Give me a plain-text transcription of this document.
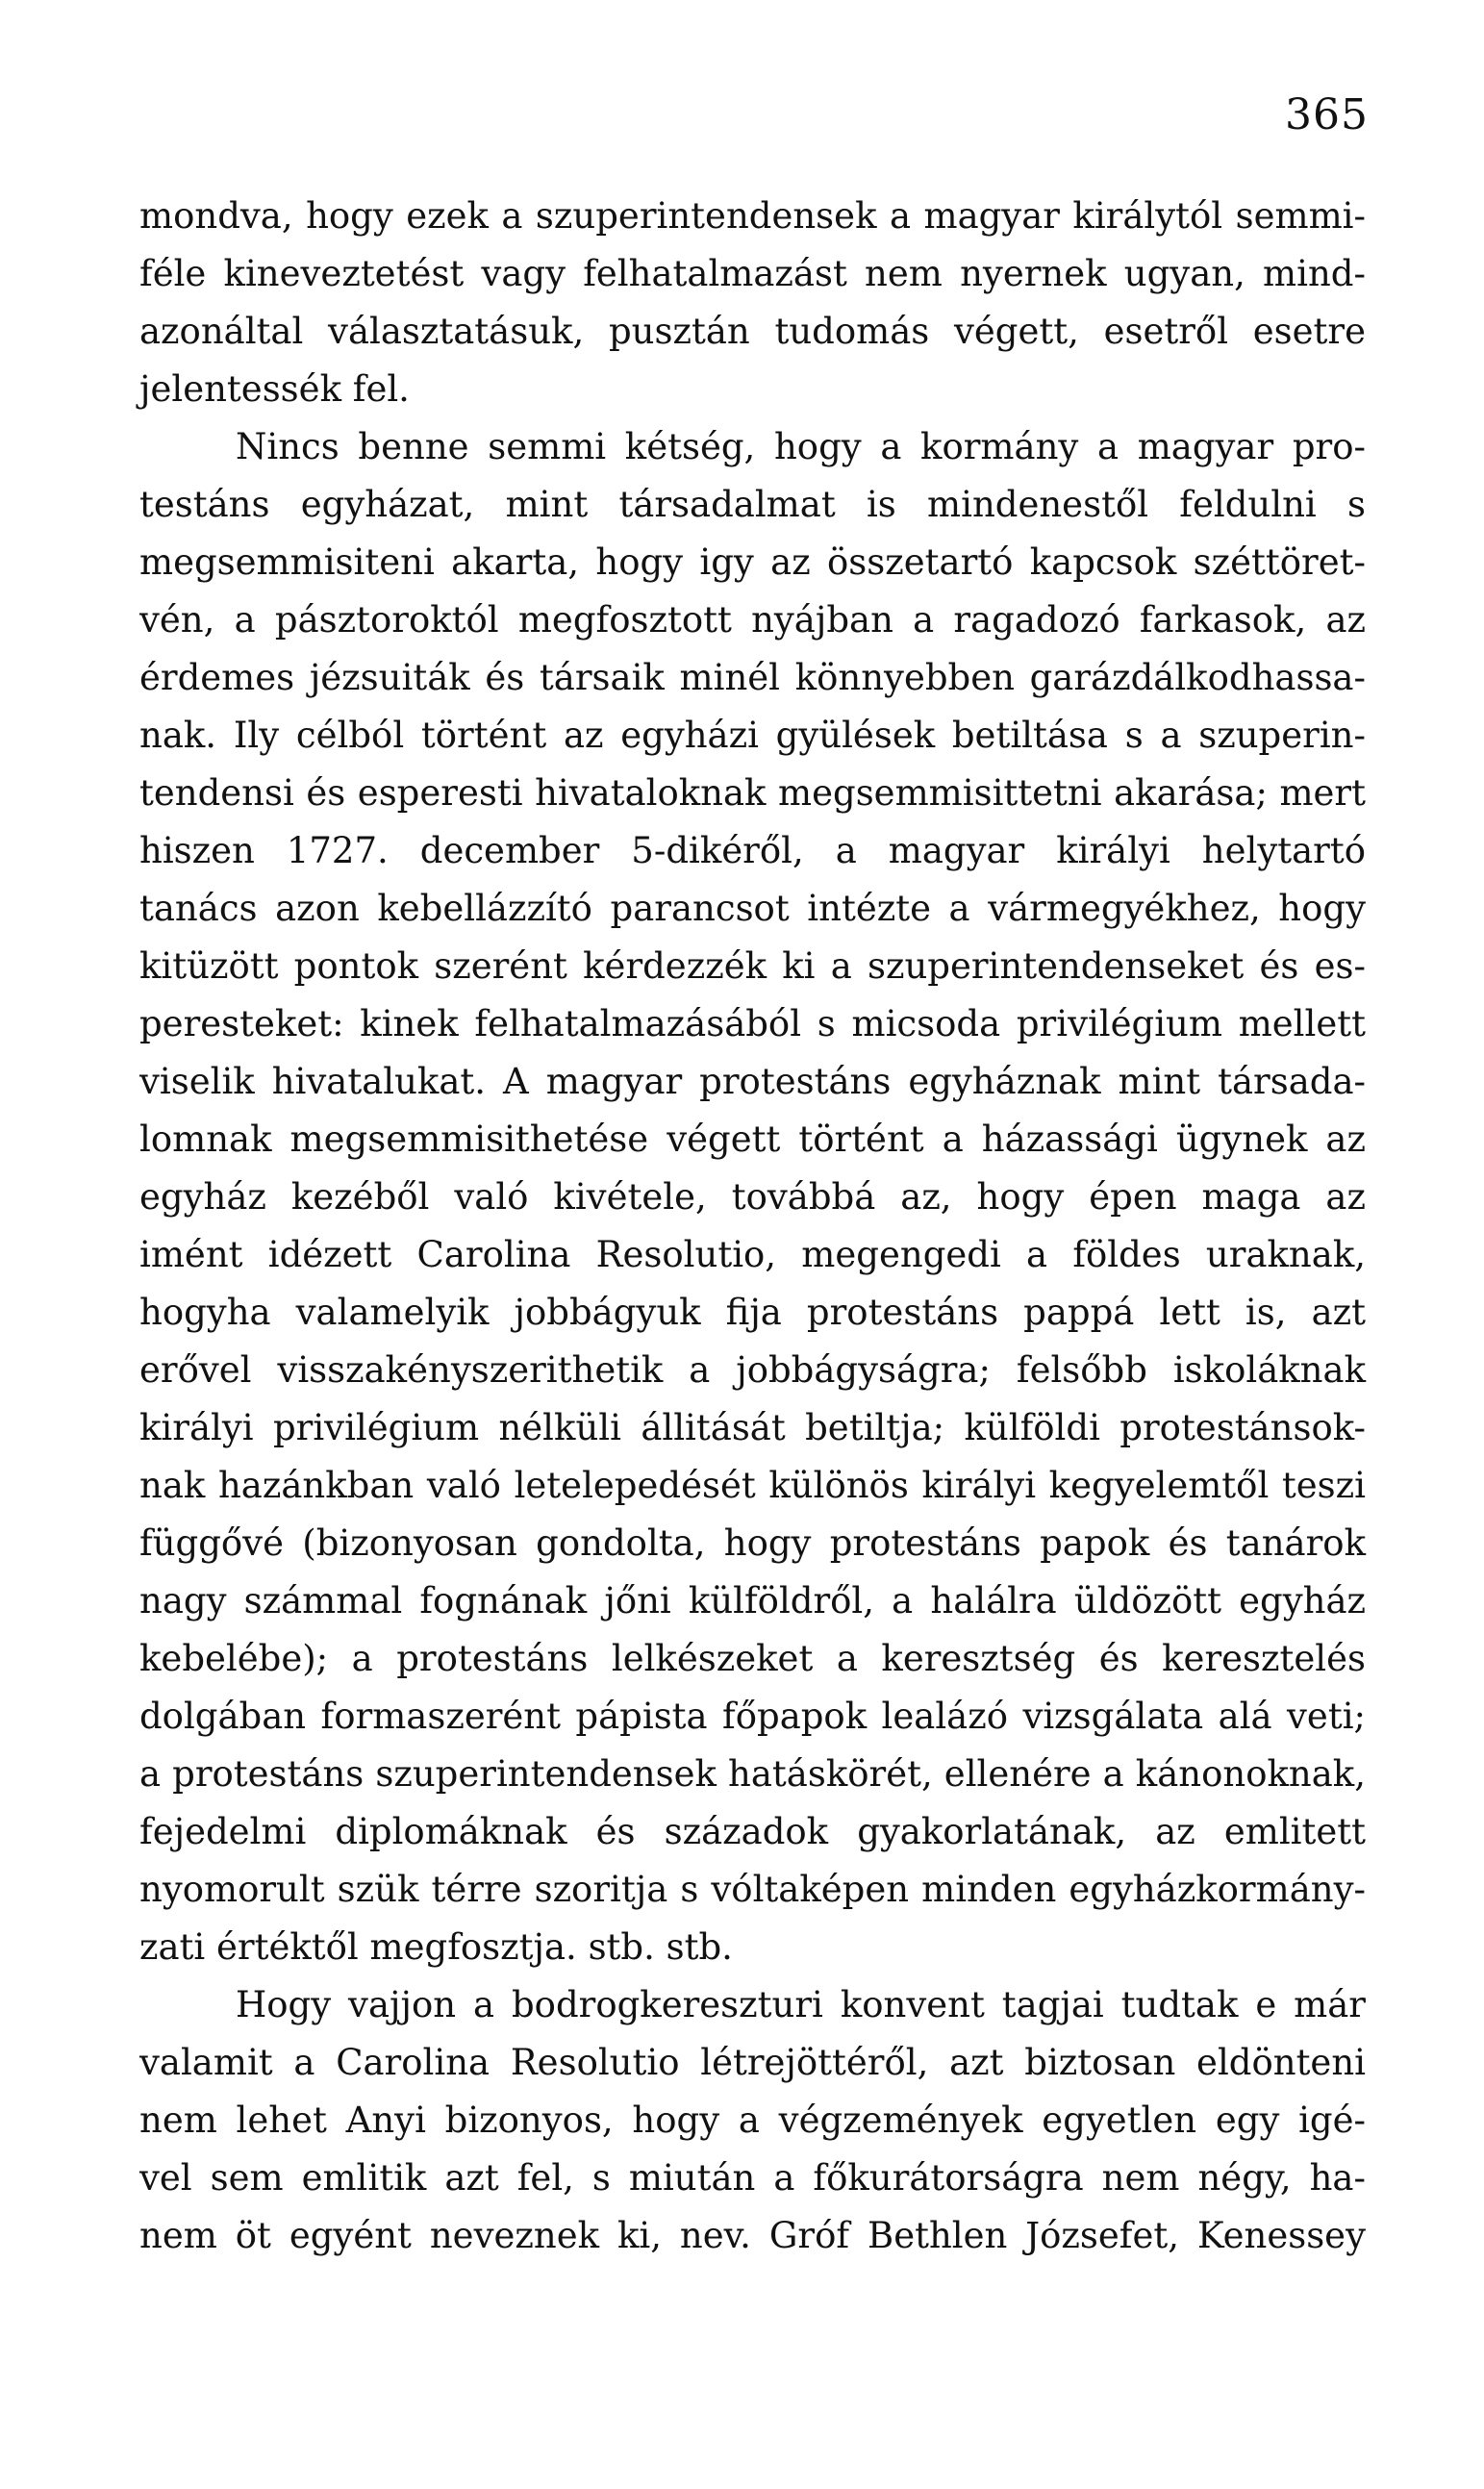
365
mondva, hogy ezek a szuperintendensek a magyar királytól semmi-
féle kineveztetést vagy felhatalmazást nem nyernek ugyan, mind-
azonáltal választatásuk, pusztán tudomás végett, esetről esetre
jelentessék fel.
Nincs benne semmi kétség, hogy a kormány a magyar pro-
testáns egyházat, mint társadalmat is mindenestől feldulni s
megsemmisiteni akarta, hogy igy az összetartó kapcsok széttöret-
vén, a pásztoroktól megfosztott nyájban a ragadozó farkasok, az
érdemes jézsuiták és társaik minél könnyebben garázdálkodhassa-
nak. Ily célból történt az egyházi gyülések betiltása s a szuperin-
tendensi és esperesti hivataloknak megsemmisittetni akarása; mert
hiszen 1727. december 5-dikéről, a magyar királyi helytartó
tanács azon kebellázzító parancsot intézte a vármegyékhez, hogy
kitüzött pontok szerént kérdezzék ki a szuperintendenseket és es-
peresteket: kinek felhatalmazásából s micsoda privilégium mellett
viselik hivatalukat. A magyar protestáns egyháznak mint társada-
lomnak megsemmisithetése végett történt a házassági ügynek az
egyház kezéből való kivétele, továbbá az, hogy épen maga az
imént idézett Carolina Resolutio, megengedi a földes uraknak,
hogyha valamelyik jobbágyuk fija protestáns pappá lett is, azt
erővel visszakényszerithetik a jobbágyságra; felsőbb iskoláknak
királyi privilégium nélküli állitását betiltja; külföldi protestánsok-
nak hazánkban való letelepedését különös királyi kegyelemtől teszi
függővé (bizonyosan gondolta, hogy protestáns papok és tanárok
nagy számmal fognának jőni külföldről, a halálra üldözött egyház
kebelébe); a protestáns lelkészeket a keresztség és keresztelés
dolgában formaszerént pápista főpapok lealázó vizsgálata alá veti;
a protestáns szuperintendensek hatáskörét, ellenére a kánonoknak,
fejedelmi diplomáknak és századok gyakorlatának, az emlitett
nyomorult szük térre szoritja s vóltaképen minden egyházkormány-
zati értéktől megfosztja. stb. stb.
Hogy vajjon a bodrogkereszturi konvent tagjai tudtak e már
valamit a Carolina Resolutio létrejöttéről, azt biztosan eldönteni
nem lehet Anyi bizonyos, hogy a végzemények egyetlen egy igé-
vel sem emlitik azt fel, s miután a főkurátorságra nem négy, ha-
nem öt egyént neveznek ki, nev. Gróf Bethlen Józsefet, Kenessey
